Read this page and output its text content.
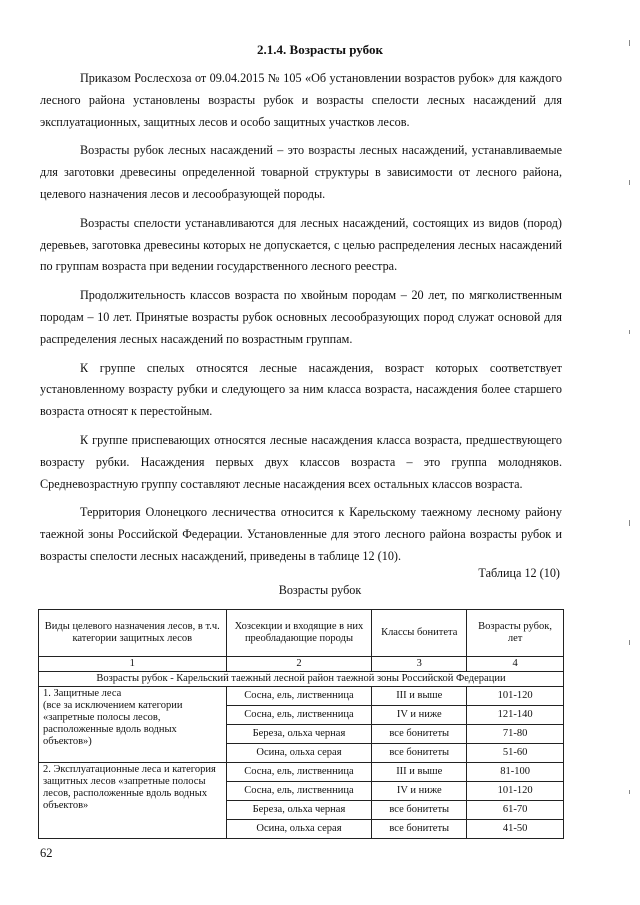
2.1.4. Возрасты рубок

Приказом Рослесхоза от 09.04.2015 № 105 «Об установлении возрастов рубок» для каждого лесного района установлены возрасты рубок и возрасты спелости лесных насаждений для эксплуатационных, защитных лесов и особо защитных участков лесов.

Возрасты рубок лесных насаждений – это возрасты лесных насаждений, устанавливаемые для заготовки древесины определенной товарной структуры в зависимости от лесного района, целевого назначения лесов и лесообразующей породы.

Возрасты спелости устанавливаются для лесных насаждений, состоящих из видов (пород) деревьев, заготовка древесины которых не допускается, с целью распределения лесных насаждений по группам возраста при ведении государственного лесного реестра.

Продолжительность классов возраста по хвойным породам – 20 лет, по мягколиственным породам – 10 лет. Принятые возрасты рубок основных лесообразующих пород служат основой для распределения лесных насаждений по возрастным группам.

К группе спелых относятся лесные насаждения, возраст которых соответствует установленному возрасту рубки и следующего за ним класса возраста, насаждения более старшего возраста относят к перестойным.

К группе приспевающих относятся лесные насаждения класса возраста, предшествующего возрасту рубки. Насаждения первых двух классов возраста – это группа молодняков. Средневозрастную группу составляют лесные насаждения всех остальных классов возраста.

Территория Олонецкого лесничества относится к Карельскому таежному лесному району таежной зоны Российской Федерации. Установленные для этого лесного района возрасты рубок и возрасты спелости лесных насаждений, приведены в таблице 12 (10).

Таблица 12 (10)
Возрасты рубок
Виды целевого назначения лесов, в т.ч. категории защитных лесов	Хозсекции и входящие в них преобладающие породы	Классы бонитета	Возрасты рубок, лет
1	2	3	4
Возрасты рубок - Карельский таежный лесной район таежной зоны Российской Федерации			
1. Защитные леса
(все за исключением категории «запретные полосы лесов, расположенные вдоль водных объектов»)	Сосна, ель, лиственница	III и выше	101-120
	Сосна, ель, лиственница	IV и ниже	121-140
	Береза, ольха черная	все бонитеты	71-80
	Осина, ольха серая	все бонитеты	51-60
2. Эксплуатационные леса и категория защитных лесов «запретные полосы лесов, расположенные вдоль водных объектов»	Сосна, ель, лиственница	III и выше	81-100
	Сосна, ель, лиственница	IV и ниже	101-120
	Береза, ольха черная	все бонитеты	61-70
	Осина, ольха серая	все бонитеты	41-50
62
